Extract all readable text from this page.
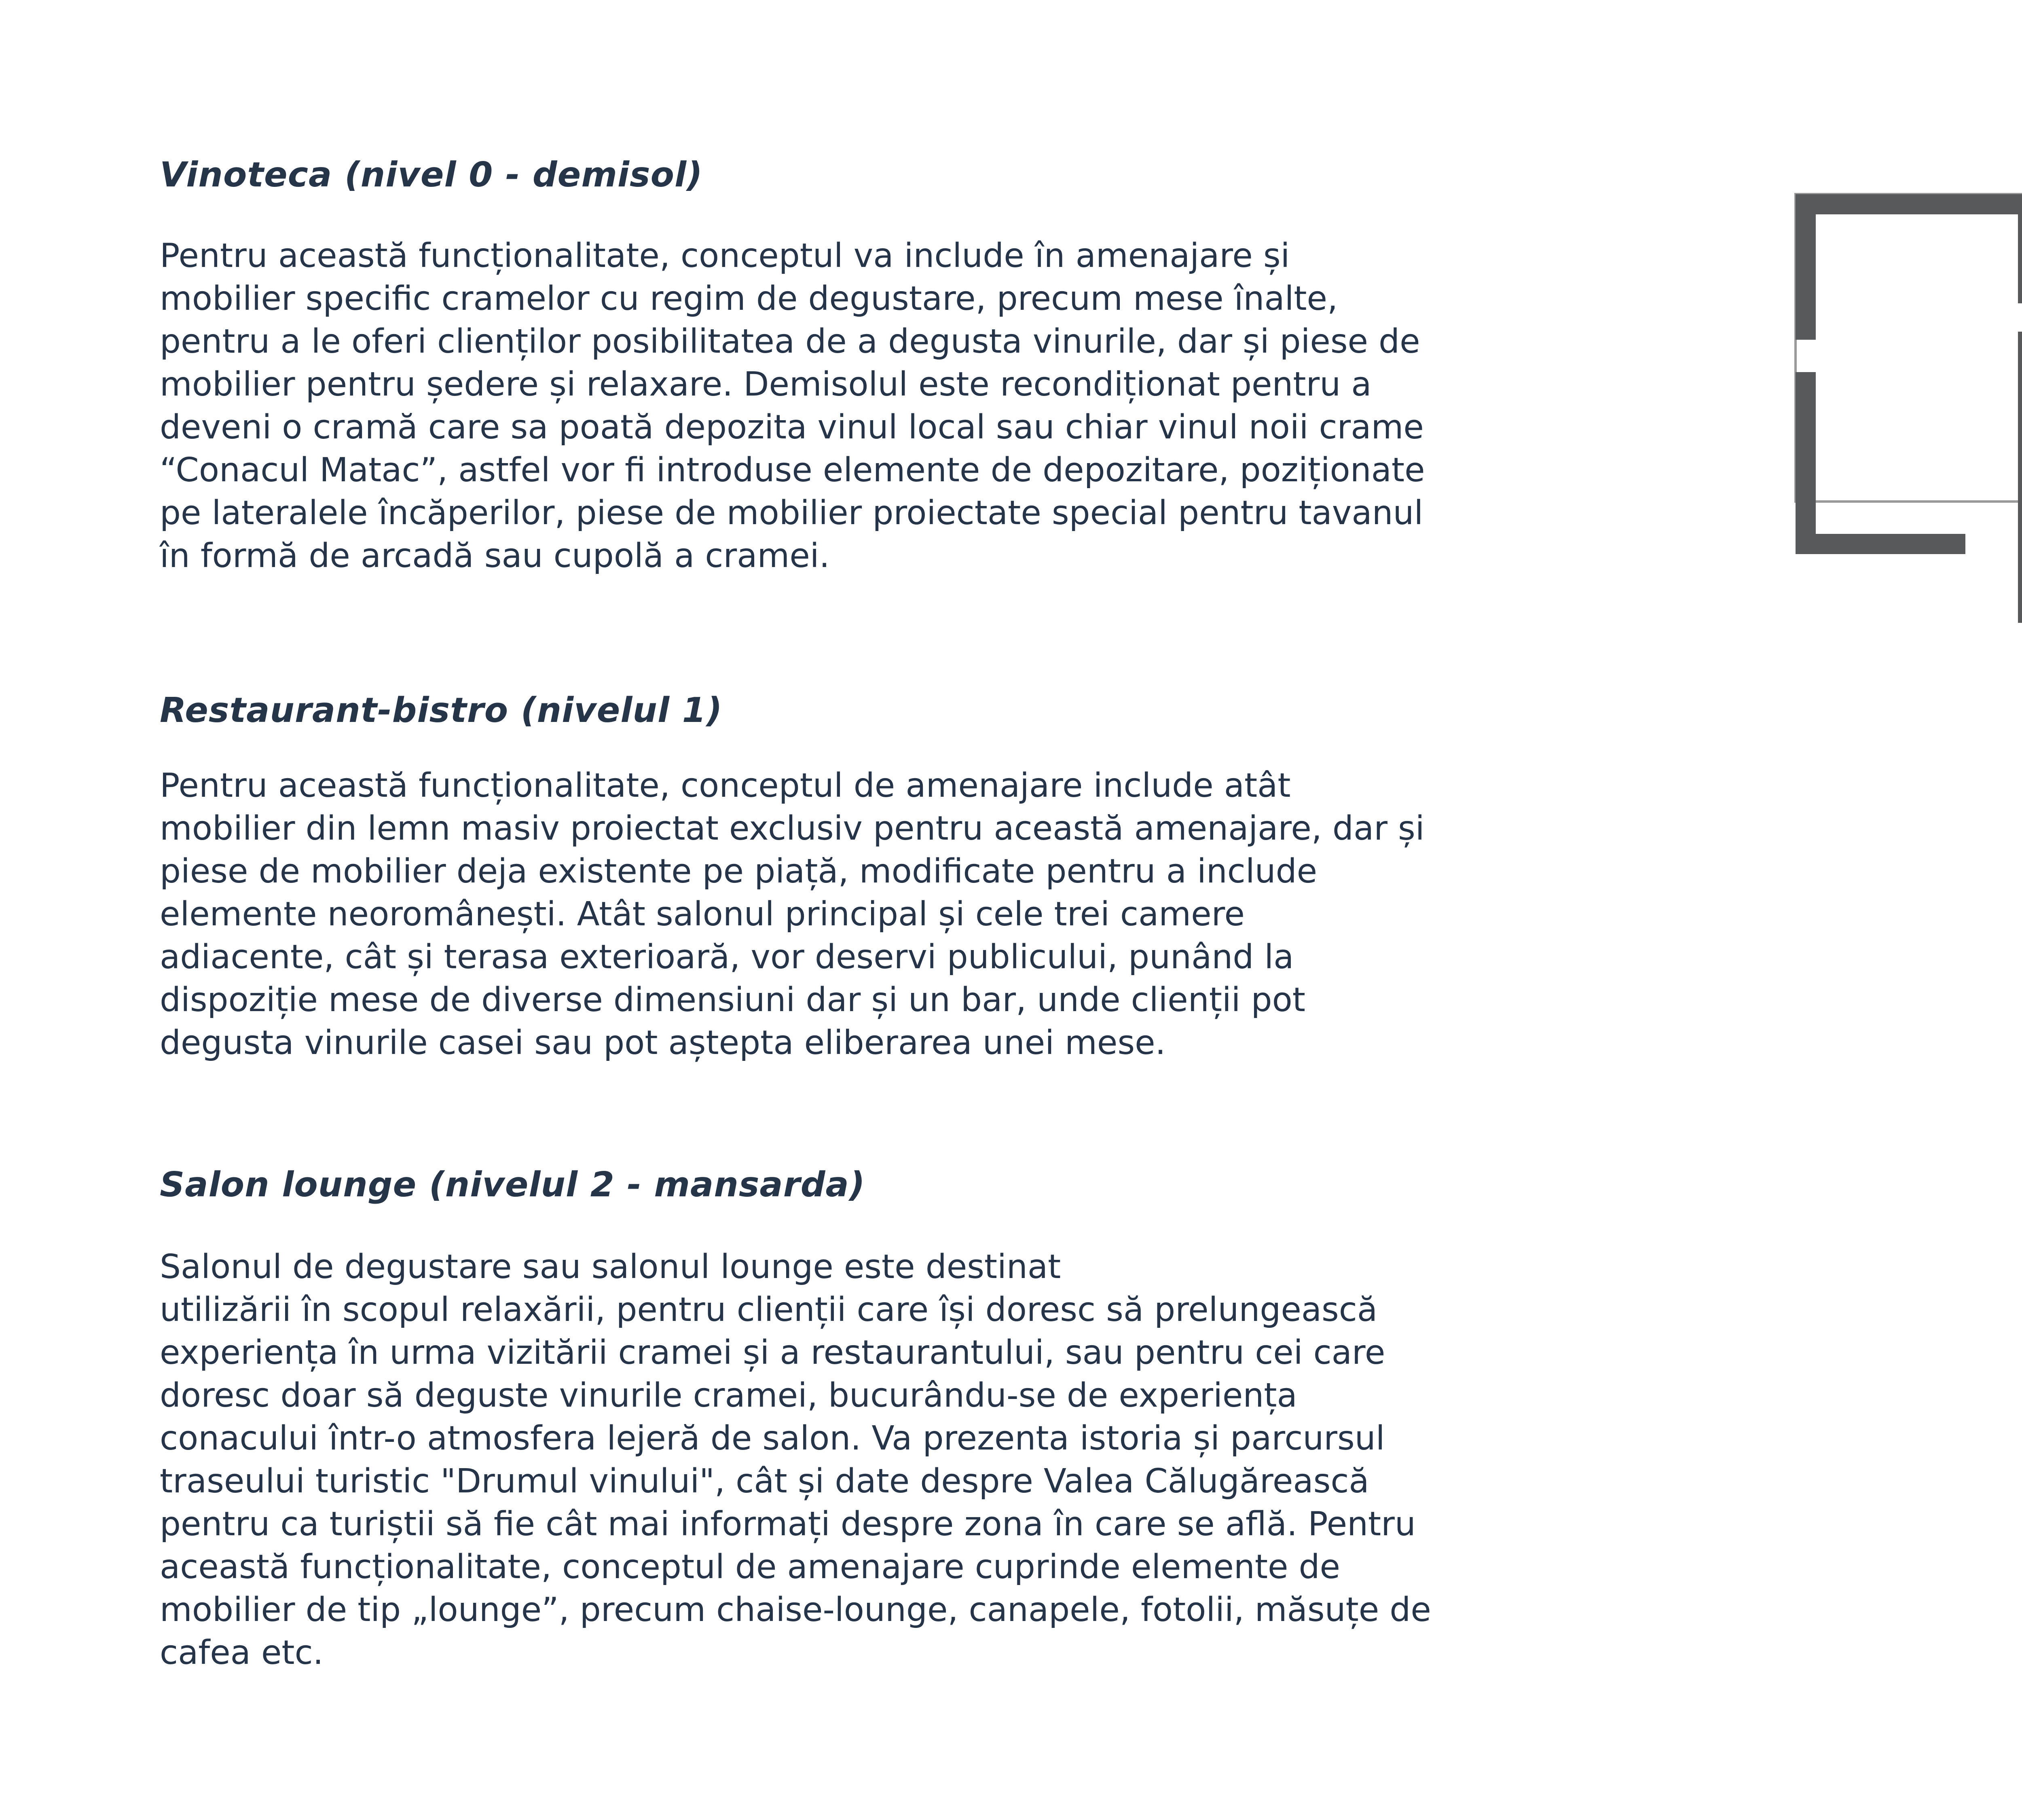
Vinoteca (nivel 0 - demisol)

Pentru această funcționalitate, conceptul va include în amenajare și
mobilier specific cramelor cu regim de degustare, precum mese înalte,
pentru a le oferi clienților posibilitatea de a degusta vinurile, dar și piese de
mobilier pentru ședere și relaxare. Demisolul este recondiționat pentru a
deveni o cramă care sa poată depozita vinul local sau chiar vinul noii crame
“Conacul Matac”, astfel vor fi introduse elemente de depozitare, poziționate
pe lateralele încăperilor, piese de mobilier proiectate special pentru tavanul
în formă de arcadă sau cupolă a cramei.

Restaurant-bistro (nivelul 1)

Pentru această funcționalitate, conceptul de amenajare include atât
mobilier din lemn masiv proiectat exclusiv pentru această amenajare, dar și
piese de mobilier deja existente pe piață, modificate pentru a include
elemente neoromânești. Atât salonul principal și cele trei camere
adiacente, cât și terasa exterioară, vor deservi publicului, punând la
dispoziție mese de diverse dimensiuni dar și un bar, unde clienții pot
degusta vinurile casei sau pot aștepta eliberarea unei mese.

Salon lounge (nivelul 2 - mansarda)

Salonul de degustare sau salonul lounge este destinat
utilizării în scopul relaxării, pentru clienții care își doresc să prelungească
experiența în urma vizitării cramei și a restaurantului, sau pentru cei care
doresc doar să deguste vinurile cramei, bucurându-se de experiența
conacului într-o atmosfera lejeră de salon. Va prezenta istoria și parcursul
traseului turistic "Drumul vinului", cât și date despre Valea Călugărească
pentru ca turiștii să fie cât mai informați despre zona în care se află. Pentru
această funcționalitate, conceptul de amenajare cuprinde elemente de
mobilier de tip „lounge”, precum chaise-lounge, canapele, fotolii, măsuțe de
cafea etc.
